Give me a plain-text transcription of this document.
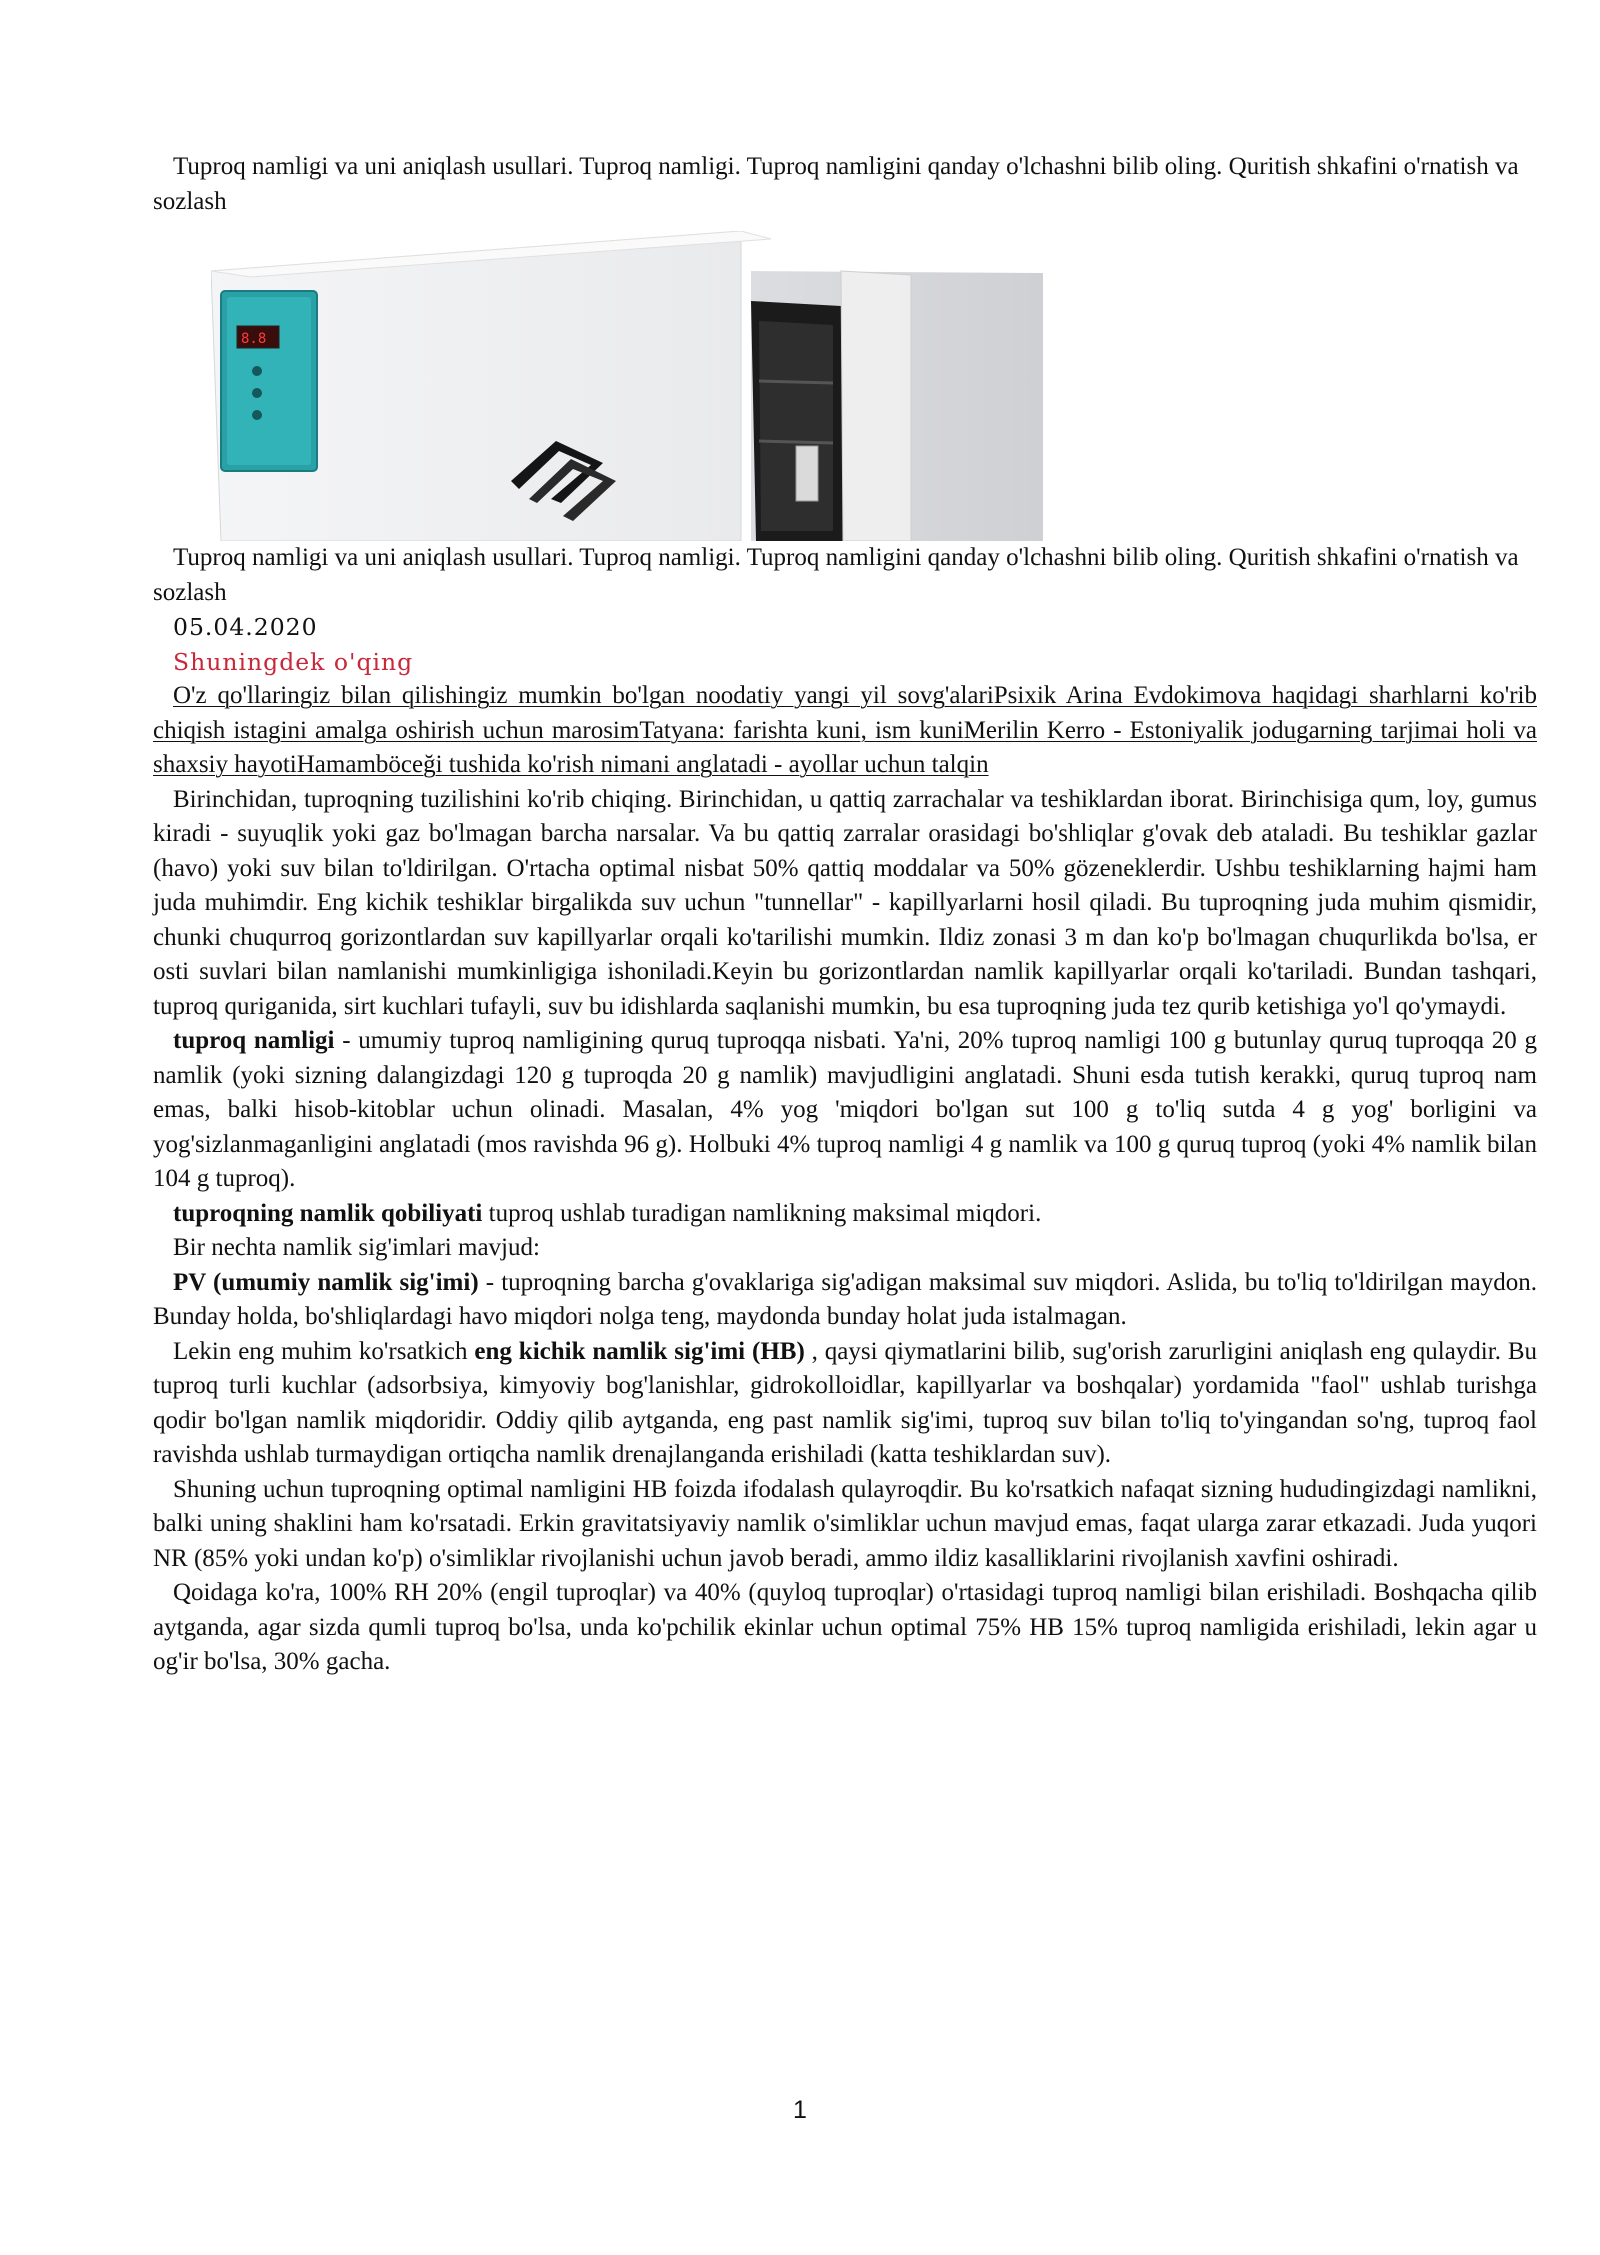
Tuproq namligi va uni aniqlash usullari. Tuproq namligi. Tuproq namligini qanday o'lchashni bilib oling. Quritish shkafini o'rnatish va sozlash

8.8

Tuproq namligi va uni aniqlash usullari. Tuproq namligi. Tuproq namligini qanday o'lchashni bilib oling. Quritish shkafini o'rnatish va sozlash

05.04.2020

Shuningdek o'qing

O'z qo'llaringiz bilan qilishingiz mumkin bo'lgan noodatiy yangi yil sovg'alariPsixik Arina Evdokimova haqidagi sharhlarni ko'rib chiqish istagini amalga oshirish uchun marosimTatyana: farishta kuni, ism kuniMerilin Kerro - Estoniyalik jodugarning tarjimai holi va shaxsiy hayotiHamamböceği tushida ko'rish nimani anglatadi - ayollar uchun talqin

Birinchidan, tuproqning tuzilishini ko'rib chiqing. Birinchidan, u qattiq zarrachalar va teshiklardan iborat. Birinchisiga qum, loy, gumus kiradi - suyuqlik yoki gaz bo'lmagan barcha narsalar. Va bu qattiq zarralar orasidagi bo'shliqlar g'ovak deb ataladi. Bu teshiklar gazlar (havo) yoki suv bilan to'ldirilgan. O'rtacha optimal nisbat 50% qattiq moddalar va 50% gözeneklerdir. Ushbu teshiklarning hajmi ham juda muhimdir. Eng kichik teshiklar birgalikda suv uchun "tunnellar" - kapillyarlarni hosil qiladi. Bu tuproqning juda muhim qismidir, chunki chuqurroq gorizontlardan suv kapillyarlar orqali ko'tarilishi mumkin. Ildiz zonasi 3 m dan ko'p bo'lmagan chuqurlikda bo'lsa, er osti suvlari bilan namlanishi mumkinligiga ishoniladi.Keyin bu gorizontlardan namlik kapillyarlar orqali ko'tariladi. Bundan tashqari, tuproq quriganida, sirt kuchlari tufayli, suv bu idishlarda saqlanishi mumkin, bu esa tuproqning juda tez qurib ketishiga yo'l qo'ymaydi.

tuproq namligi - umumiy tuproq namligining quruq tuproqqa nisbati. Ya'ni, 20% tuproq namligi 100 g butunlay quruq tuproqqa 20 g namlik (yoki sizning dalangizdagi 120 g tuproqda 20 g namlik) mavjudligini anglatadi. Shuni esda tutish kerakki, quruq tuproq nam emas, balki hisob-kitoblar uchun olinadi. Masalan, 4% yog 'miqdori bo'lgan sut 100 g to'liq sutda 4 g yog' borligini va yog'sizlanmaganligini anglatadi (mos ravishda 96 g). Holbuki 4% tuproq namligi 4 g namlik va 100 g quruq tuproq (yoki 4% namlik bilan 104 g tuproq).

tuproqning namlik qobiliyati tuproq ushlab turadigan namlikning maksimal miqdori.

Bir nechta namlik sig'imlari mavjud:

PV (umumiy namlik sig'imi) - tuproqning barcha g'ovaklariga sig'adigan maksimal suv miqdori. Aslida, bu to'liq to'ldirilgan maydon. Bunday holda, bo'shliqlardagi havo miqdori nolga teng, maydonda bunday holat juda istalmagan.

Lekin eng muhim ko'rsatkich eng kichik namlik sig'imi (HB) , qaysi qiymatlarini bilib, sug'orish zarurligini aniqlash eng qulaydir. Bu tuproq turli kuchlar (adsorbsiya, kimyoviy bog'lanishlar, gidrokolloidlar, kapillyarlar va boshqalar) yordamida "faol" ushlab turishga qodir bo'lgan namlik miqdoridir. Oddiy qilib aytganda, eng past namlik sig'imi, tuproq suv bilan to'liq to'yingandan so'ng, tuproq faol ravishda ushlab turmaydigan ortiqcha namlik drenajlanganda erishiladi (katta teshiklardan suv).

Shuning uchun tuproqning optimal namligini HB foizda ifodalash qulayroqdir. Bu ko'rsatkich nafaqat sizning hududingizdagi namlikni, balki uning shaklini ham ko'rsatadi. Erkin gravitatsiyaviy namlik o'simliklar uchun mavjud emas, faqat ularga zarar etkazadi. Juda yuqori NR (85% yoki undan ko'p) o'simliklar rivojlanishi uchun javob beradi, ammo ildiz kasalliklarini rivojlanish xavfini oshiradi.

Qoidaga ko'ra, 100% RH 20% (engil tuproqlar) va 40% (quyloq tuproqlar) o'rtasidagi tuproq namligi bilan erishiladi. Boshqacha qilib aytganda, agar sizda qumli tuproq bo'lsa, unda ko'pchilik ekinlar uchun optimal 75% HB 15% tuproq namligida erishiladi, lekin agar u og'ir bo'lsa, 30% gacha.

1
